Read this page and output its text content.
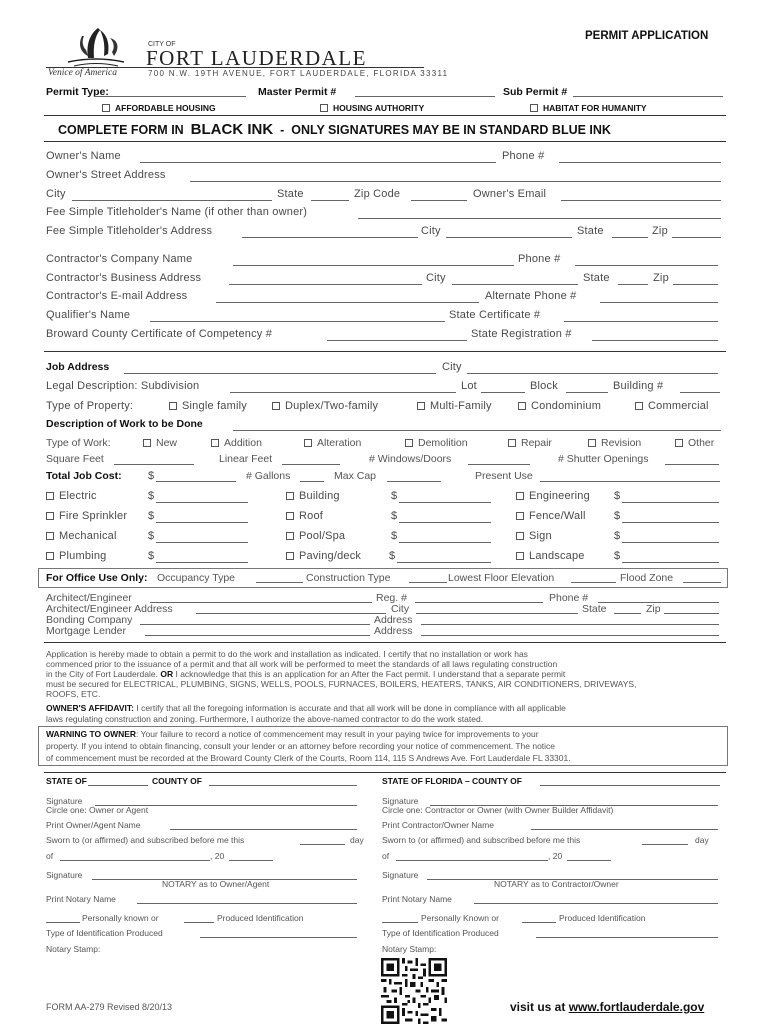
PERMIT APPLICATION
CITY OF
FORT LAUDERDALE
Venice of America	700 N.W. 19TH AVENUE, FORT LAUDERDALE, FLORIDA 33311
Permit Type:	Master Permit #	Sub Permit #
AFFORDABLE HOUSING	HOUSING AUTHORITY	HABITAT FOR HUMANITY
COMPLETE FORM IN BLACK INK - ONLY SIGNATURES MAY BE IN STANDARD BLUE INK
Owner's Name	Phone #
Owner's Street Address
City	State	Zip Code	Owner's Email
Fee Simple Titleholder's Name (if other than owner)
Fee Simple Titleholder's Address	City	State	Zip
Contractor's Company Name	Phone #
Contractor's Business Address	City	State	Zip
Contractor's E-mail Address	Alternate Phone #
Qualifier's Name	State Certificate #
Broward County Certificate of Competency #	State Registration #
Job Address	City
Legal Description: Subdivision	Lot	Block	Building #
Type of Property:	Single family	Duplex/Two-family	Multi-Family	Condominium	Commercial
Description of Work to be Done
Type of Work:	New	Addition	Alteration	Demolition	Repair	Revision	Other
Square Feet	Linear Feet	# Windows/Doors	# Shutter Openings
Total Job Cost: $	# Gallons	Max Cap	Present Use
Electric	$	Building	$	Engineering $
Fire Sprinkler $	Roof	$	Fence/Wall	$
Mechanical	$	Pool/Spa	$	Sign	$
Plumbing	$	Paving/deck	$	Landscape	$
For Office Use Only: Occupancy Type	Construction Type	Lowest Floor Elevation	Flood Zone
Architect/Engineer	Reg. #	Phone #
Architect/Engineer Address	City	State	Zip
Bonding Company	Address
Mortgage Lender	Address
Application is hereby made to obtain a permit to do the work and installation as indicated. I certify that no installation or work has
commenced prior to the issuance of a permit and that all work will be performed to meet the standards of all laws regulating construction
in the City of Fort Lauderdale. OR I acknowledge that this is an application for an After the Fact permit. I understand that a separate permit
must be secured for ELECTRICAL, PLUMBING, SIGNS, WELLS, POOLS, FURNACES, BOILERS, HEATERS, TANKS, AIR CONDITIONERS, DRIVEWAYS,
ROOFS, ETC.
OWNER'S AFFIDAVIT: I certify that all the foregoing information is accurate and that all work will be done in compliance with all applicable
laws regulating construction and zoning. Furthermore, I authorize the above-named contractor to do the work stated.
WARNING TO OWNER: Your failure to record a notice of commencement may result in your paying twice for improvements to your
property. If you intend to obtain financing, consult your lender or an attorney before recording your notice of commencement. The notice
of commencement must be recorded at the Broward County Clerk of the Courts, Room 114, 115 S Andrews Ave. Fort Lauderdale FL 33301.
STATE OF	COUNTY OF
Signature
Circle one: Owner or Agent
Print Owner/Agent Name
Sworn to (or affirmed) and subscribed before me this	day
of	, 20
Signature
NOTARY as to Owner/Agent
Print Notary Name
Personally known or	Produced Identification
Type of Identification Produced
Notary Stamp:
STATE OF FLORIDA – COUNTY OF
Signature
Circle one: Contractor or Owner (with Owner Builder Affidavit)
Print Contractor/Owner Name
Sworn to (or affirmed) and subscribed before me this	day
of	, 20
Signature
NOTARY as to Contractor/Owner
Print Notary Name
Personally Known or	Produced Identification
Type of Identification Produced
Notary Stamp:
FORM AA-279 Revised 8/20/13	visit us at www.fortlauderdale.gov
